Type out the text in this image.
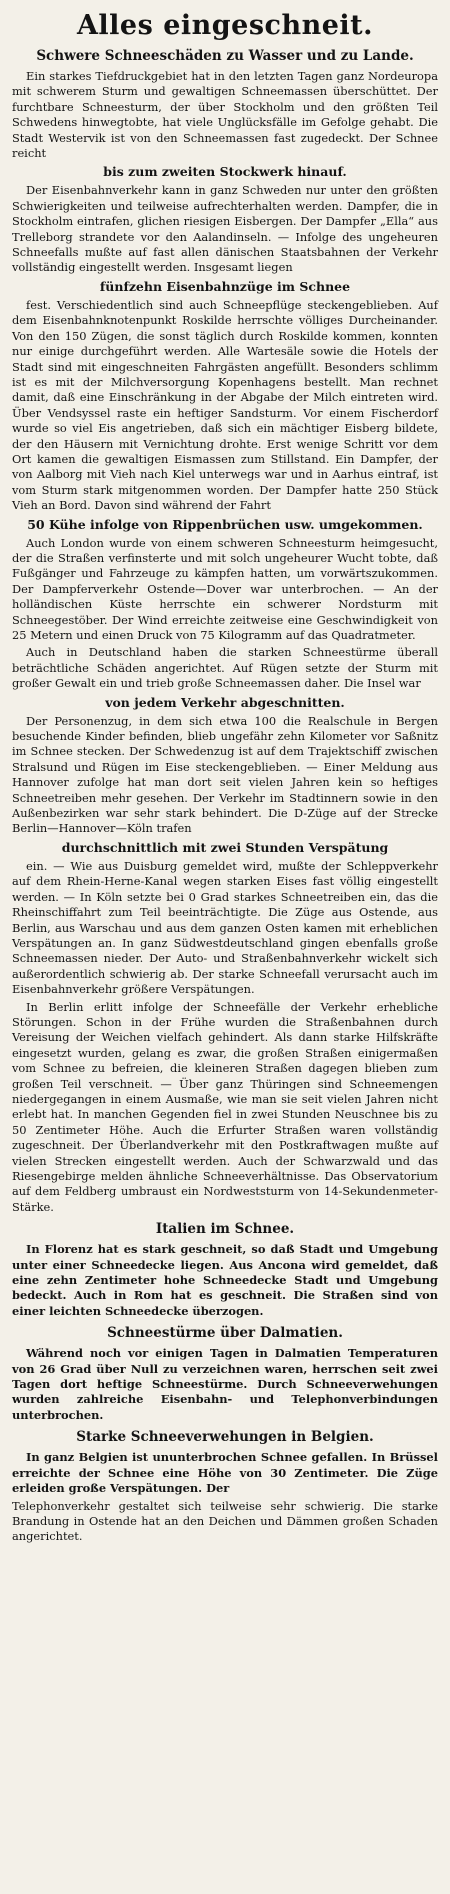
Alles eingeschneit.
Schwere Schneeschäden zu Wasser und zu Lande.

Ein starkes Tiefdruckgebiet hat in den letzten Tagen ganz Nordeuropa mit schwerem Sturm und gewaltigen Schneemassen überschüttet. Der furchtbare Schneesturm, der über Stockholm und den größten Teil Schwedens hinwegtobte, hat viele Unglücksfälle im Gefolge gehabt. Die Stadt Westervik ist von den Schneemassen fast zugedeckt. Der Schnee reicht

bis zum zweiten Stockwerk hinauf.

Der Eisenbahnverkehr kann in ganz Schweden nur unter den größten Schwierigkeiten und teilweise aufrechterhalten werden. Dampfer, die in Stockholm eintrafen, glichen riesigen Eisbergen. Der Dampfer „Ella“ aus Trelleborg strandete vor den Aalandinseln. — Infolge des ungeheuren Schneefalls mußte auf fast allen dänischen Staatsbahnen der Verkehr vollständig eingestellt werden. Insgesamt liegen

fünfzehn Eisenbahnzüge im Schnee

fest. Verschiedentlich sind auch Schneepflüge steckengeblieben. Auf dem Eisenbahnknotenpunkt Roskilde herrschte völliges Durcheinander. Von den 150 Zügen, die sonst täglich durch Roskilde kommen, konnten nur einige durchgeführt werden. Alle Wartesäle sowie die Hotels der Stadt sind mit eingeschneiten Fahrgästen angefüllt. Besonders schlimm ist es mit der Milchversorgung Kopenhagens bestellt. Man rechnet damit, daß eine Einschränkung in der Abgabe der Milch eintreten wird. Über Vendsyssel raste ein heftiger Sandsturm. Vor einem Fischerdorf wurde so viel Eis angetrieben, daß sich ein mächtiger Eisberg bildete, der den Häusern mit Vernichtung drohte. Erst wenige Schritt vor dem Ort kamen die gewaltigen Eismassen zum Stillstand. Ein Dampfer, der von Aalborg mit Vieh nach Kiel unterwegs war und in Aarhus eintraf, ist vom Sturm stark mitgenommen worden. Der Dampfer hatte 250 Stück Vieh an Bord. Davon sind während der Fahrt

50 Kühe infolge von Rippenbrüchen usw. umgekommen.

Auch London wurde von einem schweren Schneesturm heimgesucht, der die Straßen verfinsterte und mit solch ungeheurer Wucht tobte, daß Fußgänger und Fahrzeuge zu kämpfen hatten, um vorwärtszukommen. Der Dampferverkehr Ostende—Dover war unterbrochen. — An der holländischen Küste herrschte ein schwerer Nordsturm mit Schneegestöber. Der Wind erreichte zeitweise eine Geschwindigkeit von 25 Metern und einen Druck von 75 Kilogramm auf das Quadratmeter.

Auch in Deutschland haben die starken Schneestürme überall beträchtliche Schäden angerichtet. Auf Rügen setzte der Sturm mit großer Gewalt ein und trieb große Schneemassen daher. Die Insel war

von jedem Verkehr abgeschnitten.

Der Personenzug, in dem sich etwa 100 die Realschule in Bergen besuchende Kinder befinden, blieb ungefähr zehn Kilometer vor Saßnitz im Schnee stecken. Der Schwedenzug ist auf dem Trajektschiff zwischen Stralsund und Rügen im Eise steckengeblieben. — Einer Meldung aus Hannover zufolge hat man dort seit vielen Jahren kein so heftiges Schneetreiben mehr gesehen. Der Verkehr im Stadtinnern sowie in den Außenbezirken war sehr stark behindert. Die D-Züge auf der Strecke Berlin—Hannover—Köln trafen

durchschnittlich mit zwei Stunden Verspätung

ein. — Wie aus Duisburg gemeldet wird, mußte der Schleppverkehr auf dem Rhein-Herne-Kanal wegen starken Eises fast völlig eingestellt werden. — In Köln setzte bei 0 Grad starkes Schneetreiben ein, das die Rheinschiffahrt zum Teil beeinträchtigte. Die Züge aus Ostende, aus Berlin, aus Warschau und aus dem ganzen Osten kamen mit erheblichen Verspätungen an. In ganz Südwestdeutschland gingen ebenfalls große Schneemassen nieder. Der Auto- und Straßenbahnverkehr wickelt sich außerordentlich schwierig ab. Der starke Schneefall verursacht auch im Eisenbahnverkehr größere Verspätungen.

In Berlin erlitt infolge der Schneefälle der Verkehr erhebliche Störungen. Schon in der Frühe wurden die Straßenbahnen durch Vereisung der Weichen vielfach gehindert. Als dann starke Hilfskräfte eingesetzt wurden, gelang es zwar, die großen Straßen einigermaßen vom Schnee zu befreien, die kleineren Straßen dagegen blieben zum großen Teil verschneit. — Über ganz Thüringen sind Schneemengen niedergegangen in einem Ausmaße, wie man sie seit vielen Jahren nicht erlebt hat. In manchen Gegenden fiel in zwei Stunden Neuschnee bis zu 50 Zentimeter Höhe. Auch die Erfurter Straßen waren vollständig zugeschneit. Der Überlandverkehr mit den Postkraftwagen mußte auf vielen Strecken eingestellt werden. Auch der Schwarzwald und das Riesengebirge melden ähnliche Schneeverhältnisse. Das Observatorium auf dem Feldberg umbraust ein Nordweststurm von 14-Sekundenmeter-Stärke.

Italien im Schnee.

In Florenz hat es stark geschneit, so daß Stadt und Umgebung unter einer Schneedecke liegen. Aus Ancona wird gemeldet, daß eine zehn Zentimeter hohe Schneedecke Stadt und Umgebung bedeckt. Auch in Rom hat es geschneit. Die Straßen sind von einer leichten Schneedecke überzogen.

Schneestürme über Dalmatien.

Während noch vor einigen Tagen in Dalmatien Temperaturen von 26 Grad über Null zu verzeichnen waren, herrschen seit zwei Tagen dort heftige Schneestürme. Durch Schneeverwehungen wurden zahlreiche Eisenbahn- und Telephonverbindungen unterbrochen.

Starke Schneeverwehungen in Belgien.

In ganz Belgien ist ununterbrochen Schnee gefallen. In Brüssel erreichte der Schnee eine Höhe von 30 Zentimeter. Die Züge erleiden große Verspätungen. Der

Telephonverkehr gestaltet sich teilweise sehr schwierig. Die starke Brandung in Ostende hat an den Deichen und Dämmen großen Schaden angerichtet.
